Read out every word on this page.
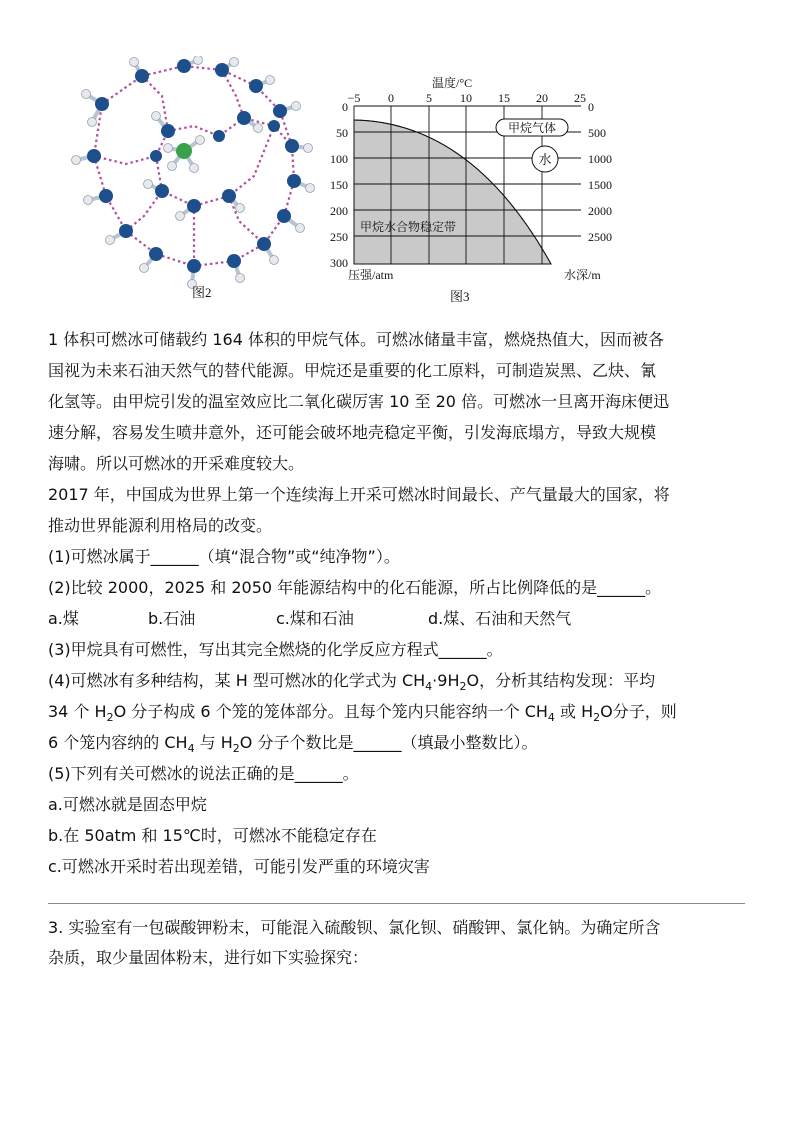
图2
温度/°C
−5 0	5 10 15 20 25
0
50
100
150
200
250
300
0
500
1000
1500
2000
2500
甲烷气体
水
甲烷水合物稳定带
压强/atm	水深/m
图3

1 体积可燃冰可储载约 164 体积的甲烷气体。可燃冰储量丰富，燃烧热值大，因而被各

国视为未来石油天然气的替代能源。甲烷还是重要的化工原料，可制造炭黑、乙炔、氰

化氢等。由甲烷引发的温室效应比二氧化碳厉害 10 至 20 倍。可燃冰一旦离开海床便迅

速分解，容易发生喷井意外，还可能会破坏地壳稳定平衡，引发海底塌方，导致大规模

海啸。所以可燃冰的开采难度较大。

2017 年，中国成为世界上第一个连续海上开采可燃冰时间最长、产气量最大的国家，将

推动世界能源利用格局的改变。

(1)可燃冰属于______（填“混合物”或“纯净物”）。

(2)比较 2000，2025 和 2050 年能源结构中的化石能源，所占比例降低的是______。

a.煤	b.石油	c.煤和石油	d.煤、石油和天然气

(3)甲烷具有可燃性，写出其完全燃烧的化学反应方程式______。

(4)可燃冰有多种结构，某 H 型可燃冰的化学式为 $CH_4\cdot 9H_2O$，分析其结构发现：平均

34 个 $H_2O$ 分子构成 6 个笼的笼体部分。且每个笼内只能容纳一个 $CH_4$ 或 $H_2O$分子，则

6 个笼内容纳的 $CH_4$ 与 $H_2O$ 分子个数比是______（填最小整数比）。

(5)下列有关可燃冰的说法正确的是______。

a.可燃冰就是固态甲烷

b.在 50atm 和 15℃时，可燃冰不能稳定存在

c.可燃冰开采时若出现差错，可能引发严重的环境灾害

3. 实验室有一包碳酸钾粉末，可能混入硫酸钡、氯化钡、硝酸钾、氯化钠。为确定所含

杂质，取少量固体粉末，进行如下实验探究：
